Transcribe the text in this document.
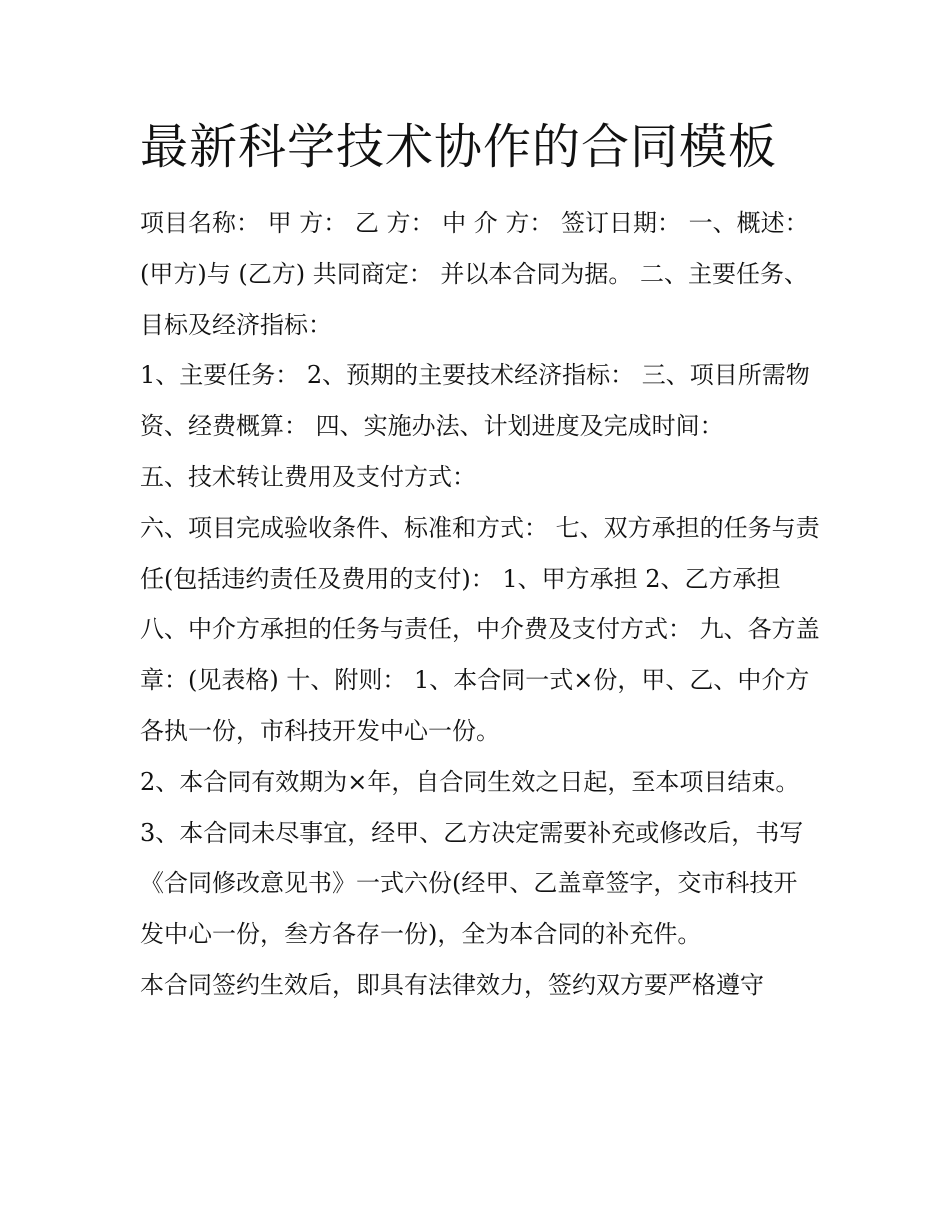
最新科学技术协作的合同模板

项目名称： 甲 方： 乙 方： 中 介 方： 签订日期： 一、概述： (甲方)与 (乙方) 共同商定： 并以本合同为据。 二、主要任务、目标及经济指标：

1、主要任务： 2、预期的主要技术经济指标： 三、项目所需物资、经费概算： 四、实施办法、计划进度及完成时间：

五、技术转让费用及支付方式：

六、项目完成验收条件、标准和方式： 七、双方承担的任务与责任(包括违约责任及费用的支付)： 1、甲方承担 2、乙方承担

八、中介方承担的任务与责任，中介费及支付方式： 九、各方盖章：(见表格) 十、附则： 1、本合同一式×份，甲、乙、中介方各执一份，市科技开发中心一份。

2、本合同有效期为×年，自合同生效之日起，至本项目结束。

3、本合同未尽事宜，经甲、乙方决定需要补充或修改后，书写《合同修改意见书》一式六份(经甲、乙盖章签字，交市科技开发中心一份，叁方各存一份)，全为本合同的补充件。

本合同签约生效后，即具有法律效力，签约双方要严格遵守
